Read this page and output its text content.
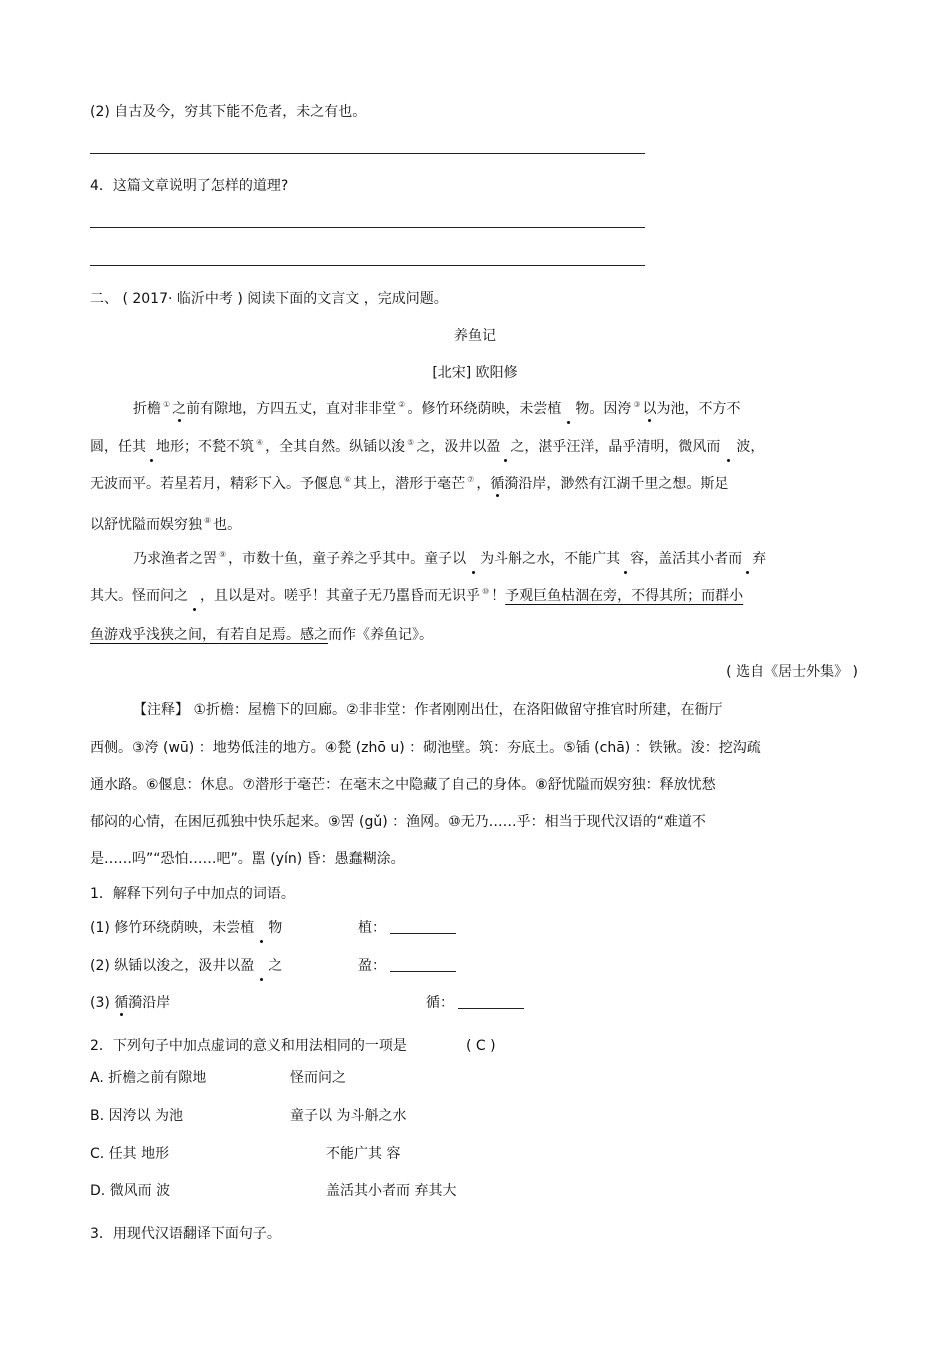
(2) 自古及今，穷其下能不危者，未之有也。
4．这篇文章说明了怎样的道理?
二、 ( 2017· 临沂中考 ) 阅读下面的文言文 ，完成问题。
养鱼记
[北宋] 欧阳修
折檐 ① 之前有隙地，方四五丈，直对非非堂 ② 。修竹环绕荫映，未尝植 物。因洿 ③ 以为池，不方不
圆，任其 地形；不甃不筑 ④ ，全其自然。纵锸以浚 ⑤ 之，汲井以盈 之，湛乎汪洋，晶乎清明，微风而 波，
无波而平。若星若月，精彩下入。予偃息 ⑥ 其上，潜形于毫芒 ⑦ ，循漪沿岸，渺然有江湖千里之想。斯足
以舒忧隘而娱穷独 ⑧ 也。
乃求渔者之罟 ⑨ ，市数十鱼，童子养之乎其中。童子以 为斗斛之水，不能广其 容，盖活其小者而 弃
其大。怪而问之 ，且以是对。嗟乎！其童子无乃嚚昏而无识乎 ⑩ ！予观巨鱼枯涸在旁，不得其所；而群小
鱼游戏乎浅狭之间，有若自足焉。感之而作《养鱼记》。
( 选自《居士外集》 )
【注释】 ①折檐：屋檐下的回廊。②非非堂：作者刚刚出仕，在洛阳做留守推官时所建，在衙厅
西侧。③洿 (wū) ：地势低洼的地方。④甃 (zhō u) ：砌池壁。筑：夯底土。⑤锸 (chā) ：铁锹。浚：挖沟疏
通水路。⑥偃息：休息。⑦潜形于毫芒：在毫末之中隐藏了自己的身体。⑧舒忧隘而娱穷独：释放忧愁
郁闷的心情，在困厄孤独中快乐起来。⑨罟 (gǔ) ：渔网。⑩无乃……乎：相当于现代汉语的“难道不
是……吗”“恐怕……吧”。嚚 (yín) 昏：愚蠢糊涂。
1．解释下列句子中加点的词语。
(1) 修竹环绕荫映，未尝植 物	植：
(2) 纵锸以浚之，汲井以盈 之	盈：
(3) 循漪沿岸	循：
2．下列句子中加点虚词的意义和用法相同的一项是	( C )
A. 折檐之前有隙地	怪而问之
B. 因洿以 为池	童子以 为斗斛之水
C. 任其 地形	不能广其 容
D. 微风而 波	盖活其小者而 弃其大
3．用现代汉语翻译下面句子。
